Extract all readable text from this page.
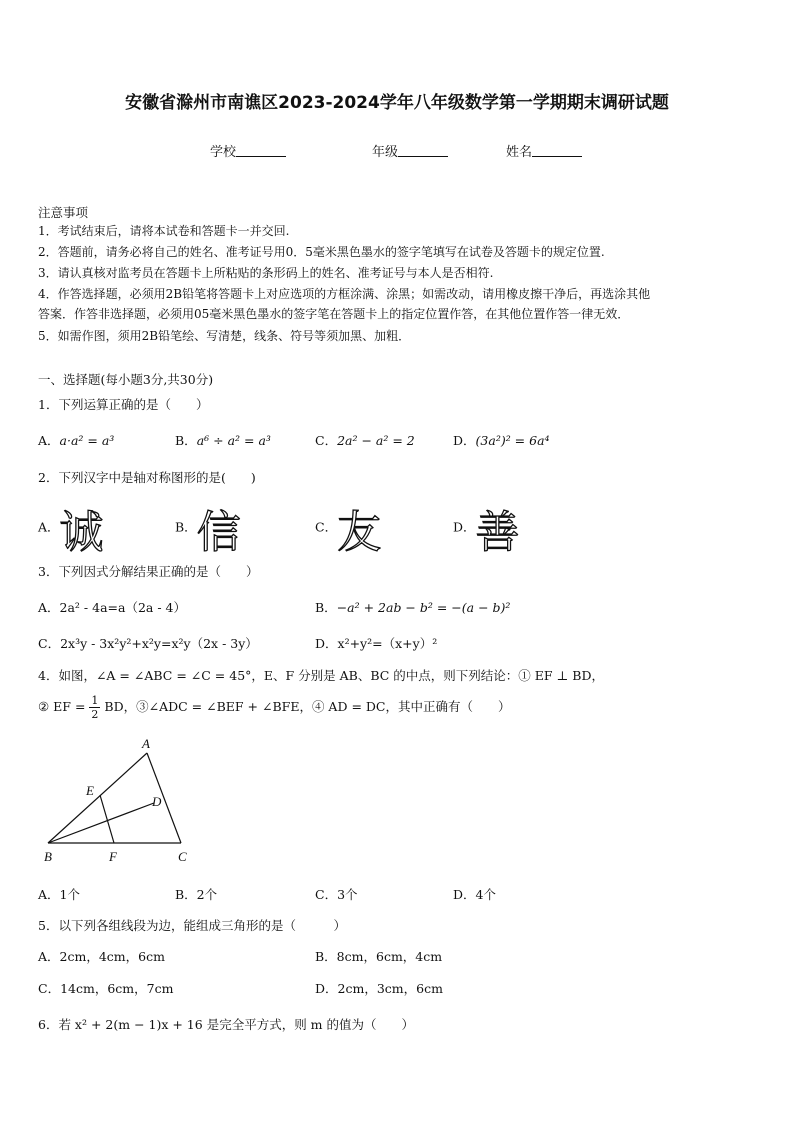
安徽省滁州市南谯区2023-2024学年八年级数学第一学期期末调研试题
学校	年级	姓名
注意事项
1．考试结束后，请将本试卷和答题卡一并交回.
2．答题前，请务必将自己的姓名、准考证号用0．5毫米黑色墨水的签字笔填写在试卷及答题卡的规定位置.
3．请认真核对监考员在答题卡上所粘贴的条形码上的姓名、准考证号与本人是否相符.
4．作答选择题，必须用2B铅笔将答题卡上对应选项的方框涂满、涂黑；如需改动，请用橡皮擦干净后，再选涂其他
答案．作答非选择题，必须用05毫米黑色墨水的签字笔在答题卡上的指定位置作答，在其他位置作答一律无效．
5．如需作图，须用2B铅笔绘、写清楚，线条、符号等须加黑、加粗．
一、选择题(每小题3分,共30分)
1．下列运算正确的是（　　）
A．a·a² = a³	B．a⁶ ÷ a² = a³	C．2a² − a² = 2	D．(3a²)² = 6a⁴
2．下列汉字中是轴对称图形的是(　　)
A．诚	B．信	C．友	D．善
3．下列因式分解结果正确的是（　　）
A．2a² - 4a=a（2a - 4）	B．−a² + 2ab − b² = −(a − b)²
C．2x³y - 3x²y²+x²y=x²y（2x - 3y）	D．x²+y²=（x+y）²
4．如图，∠A = ∠ABC = ∠C = 45°，E、F 分别是 AB、BC 的中点，则下列结论：① EF ⊥ BD，
② EF = $\frac{1}{2}$ BD，③∠ADC = ∠BEF + ∠BFE，④ AD = DC，其中正确有（　　）
A
E
D
B	F	C
A．1个	B．2个	C．3个	D．4个
5．以下列各组线段为边，能组成三角形的是（　　　）
A．2cm，4cm，6cm	B．8cm，6cm，4cm
C．14cm，6cm，7cm	D．2cm，3cm，6cm
6．若 x² + 2(m − 1)x + 16 是完全平方式，则 m 的值为（　　）
